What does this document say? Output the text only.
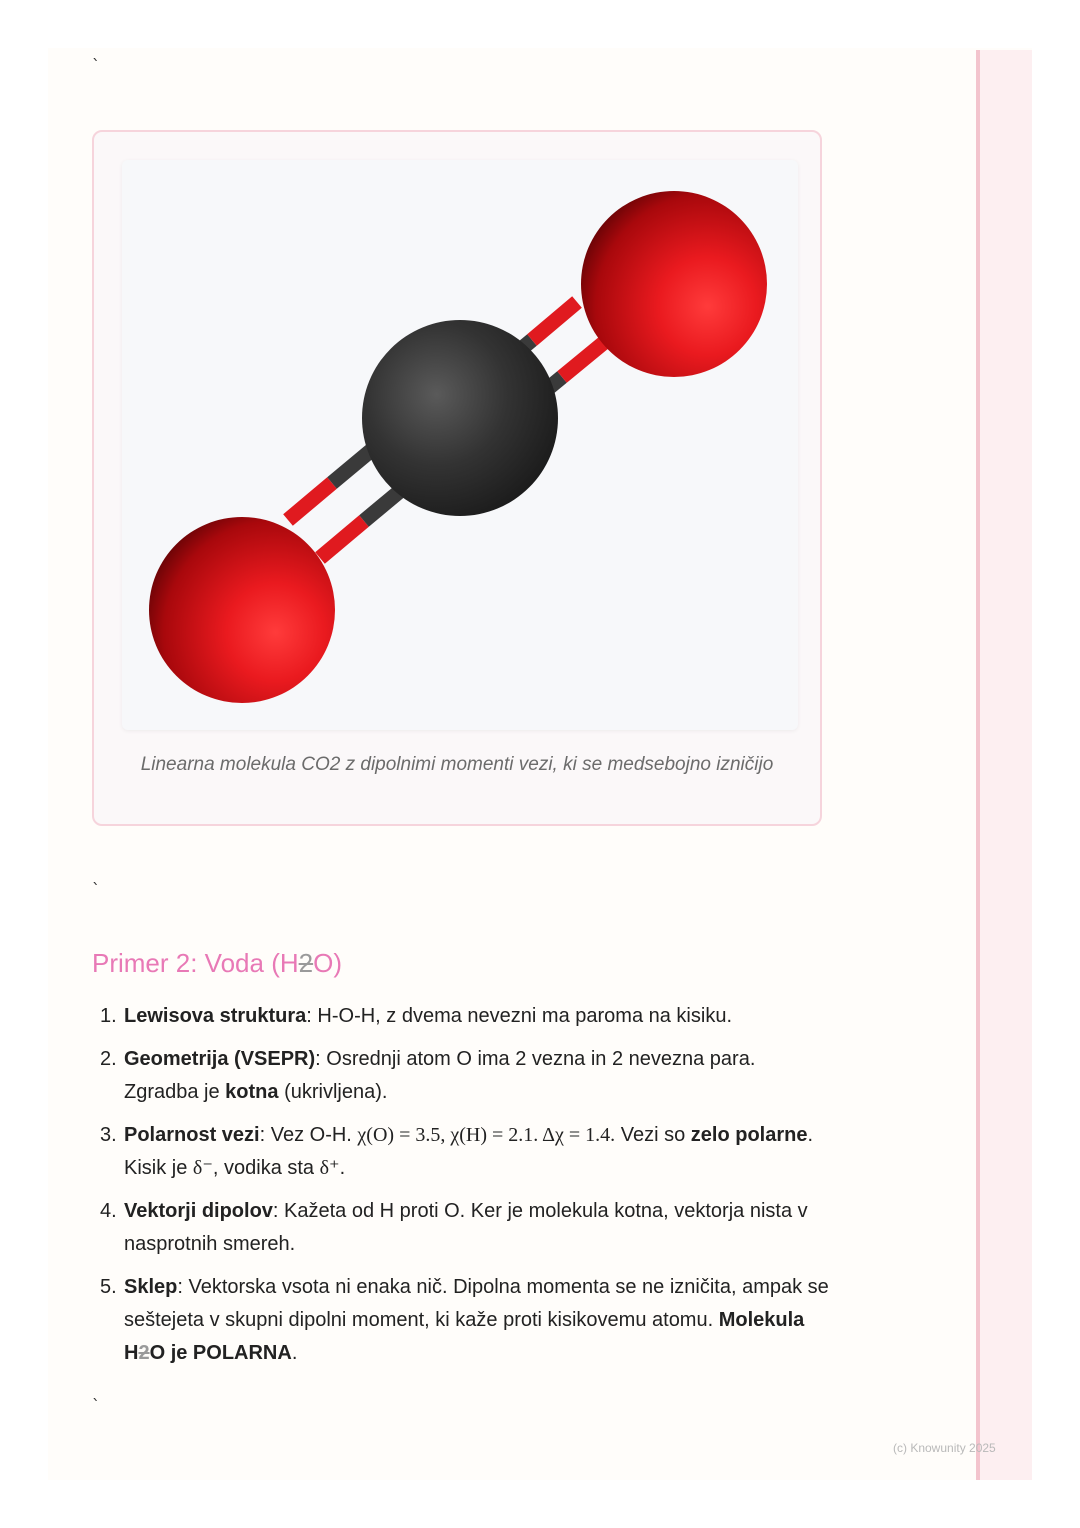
`
Linearna molekula CO2 z dipolnimi momenti vezi, ki se medsebojno izničijo
`
Primer 2: Voda (H2O)
1. Lewisova struktura: H-O-H, z dvema nevezni ma paroma na kisiku.
2. Geometrija (VSEPR): Osrednji atom O ima 2 vezna in 2 nevezna para. Zgradba je kotna (ukrivljena).
3. Polarnost vezi: Vez O-H. χ(O) = 3.5, χ(H) = 2.1. Δχ = 1.4. Vezi so zelo polarne. Kisik je δ⁻, vodika sta δ⁺.
4. Vektorji dipolov: Kažeta od H proti O. Ker je molekula kotna, vektorja nista v nasprotnih smereh.
5. Sklep: Vektorska vsota ni enaka nič. Dipolna momenta se ne izničita, ampak se seštejeta v skupni dipolni moment, ki kaže proti kisikovemu atomu. Molekula H2O je POLARNA.
`
(c) Knowunity 2025
